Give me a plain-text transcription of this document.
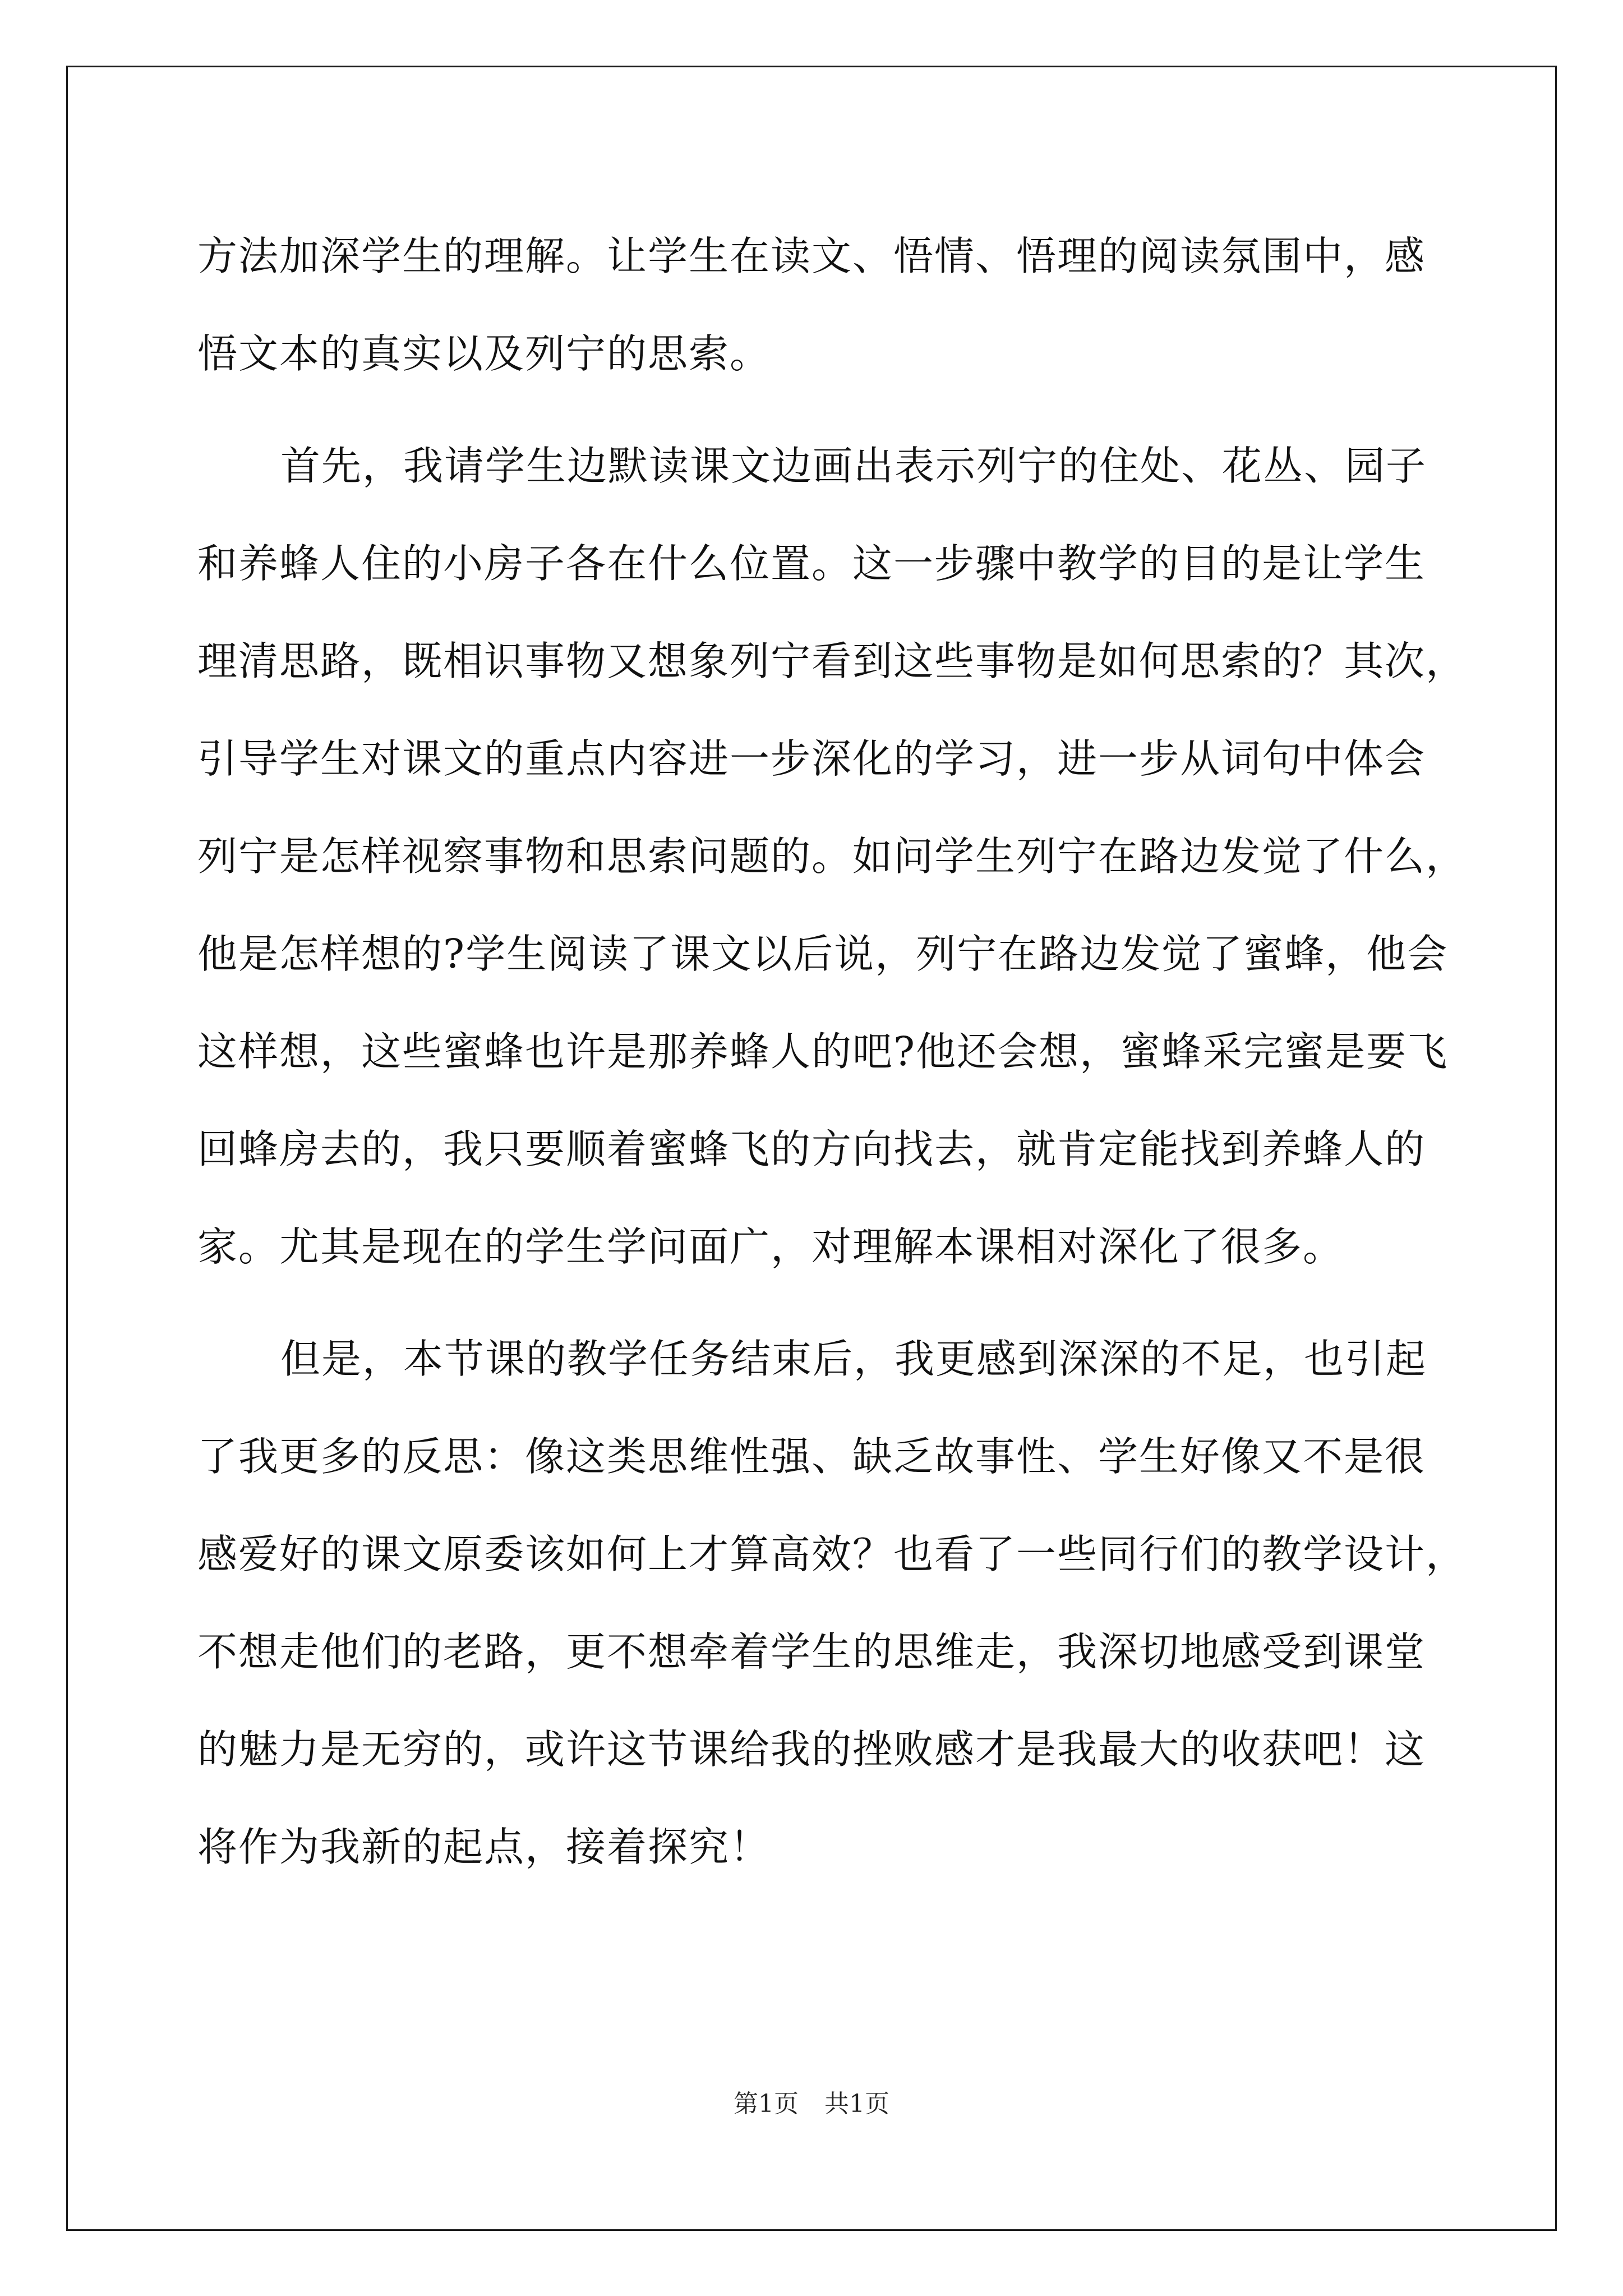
方法加深学生的理解。让学生在读文、悟情、悟理的阅读氛围中，感
悟文本的真实以及列宁的思索。
首先，我请学生边默读课文边画出表示列宁的住处、花丛、园子
和养蜂人住的小房子各在什么位置。这一步骤中教学的目的是让学生
理清思路，既相识事物又想象列宁看到这些事物是如何思索的？其次，
引导学生对课文的重点内容进一步深化的学习，进一步从词句中体会
列宁是怎样视察事物和思索问题的。如问学生列宁在路边发觉了什么，
他是怎样想的?学生阅读了课文以后说，列宁在路边发觉了蜜蜂，他会
这样想，这些蜜蜂也许是那养蜂人的吧?他还会想，蜜蜂采完蜜是要飞
回蜂房去的，我只要顺着蜜蜂飞的方向找去，就肯定能找到养蜂人的
家。尤其是现在的学生学问面广，对理解本课相对深化了很多。
但是，本节课的教学任务结束后，我更感到深深的不足，也引起
了我更多的反思：像这类思维性强、缺乏故事性、学生好像又不是很
感爱好的课文原委该如何上才算高效？也看了一些同行们的教学设计，
不想走他们的老路，更不想牵着学生的思维走，我深切地感受到课堂
的魅力是无穷的，或许这节课给我的挫败感才是我最大的收获吧！这
将作为我新的起点，接着探究！
第1页 共1页
